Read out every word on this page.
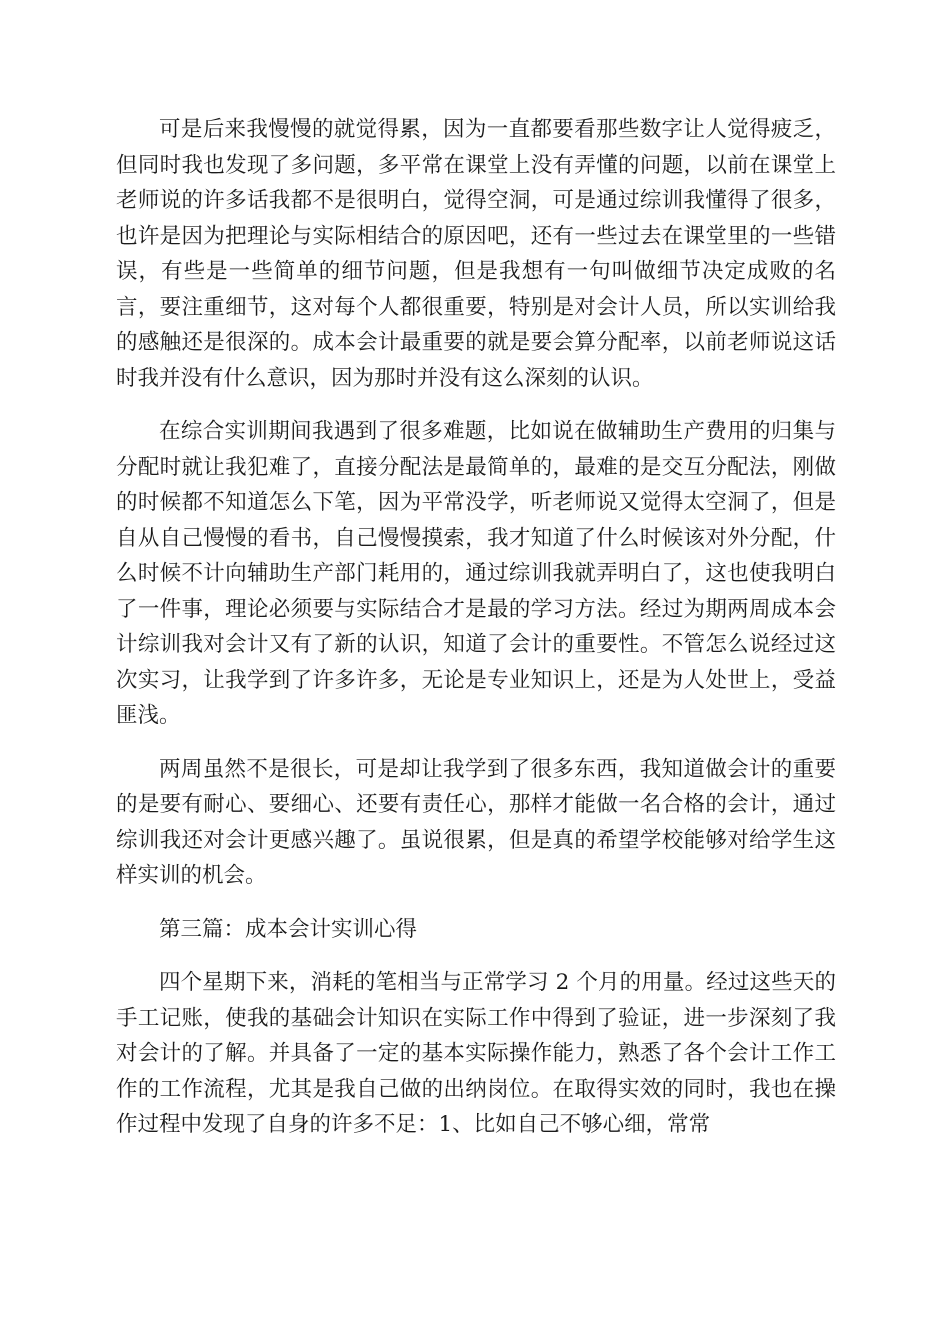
可是后来我慢慢的就觉得累，因为一直都要看那些数字让人觉得疲乏，但同时我也发现了多问题，多平常在课堂上没有弄懂的问题，以前在课堂上老师说的许多话我都不是很明白，觉得空洞，可是通过综训我懂得了很多，也许是因为把理论与实际相结合的原因吧，还有一些过去在课堂里的一些错误，有些是一些简单的细节问题，但是我想有一句叫做细节决定成败的名言，要注重细节，这对每个人都很重要，特别是对会计人员，所以实训给我的感触还是很深的。成本会计最重要的就是要会算分配率，以前老师说这话时我并没有什么意识，因为那时并没有这么深刻的认识。

在综合实训期间我遇到了很多难题，比如说在做辅助生产费用的归集与分配时就让我犯难了，直接分配法是最简单的，最难的是交互分配法，刚做的时候都不知道怎么下笔，因为平常没学，听老师说又觉得太空洞了，但是自从自己慢慢的看书，自己慢慢摸索，我才知道了什么时候该对外分配，什么时候不计向辅助生产部门耗用的，通过综训我就弄明白了，这也使我明白了一件事，理论必须要与实际结合才是最的学习方法。经过为期两周成本会计综训我对会计又有了新的认识，知道了会计的重要性。不管怎么说经过这次实习，让我学到了许多许多，无论是专业知识上，还是为人处世上，受益匪浅。

两周虽然不是很长，可是却让我学到了很多东西，我知道做会计的重要的是要有耐心、要细心、还要有责任心，那样才能做一名合格的会计，通过综训我还对会计更感兴趣了。虽说很累，但是真的希望学校能够对给学生这样实训的机会。

第三篇：成本会计实训心得

四个星期下来，消耗的笔相当与正常学习 2 个月的用量。经过这些天的手工记账，使我的基础会计知识在实际工作中得到了验证，进一步深刻了我对会计的了解。并具备了一定的基本实际操作能力，熟悉了各个会计工作工作的工作流程，尤其是我自己做的出纳岗位。在取得实效的同时，我也在操作过程中发现了自身的许多不足：1、比如自己不够心细，常常
